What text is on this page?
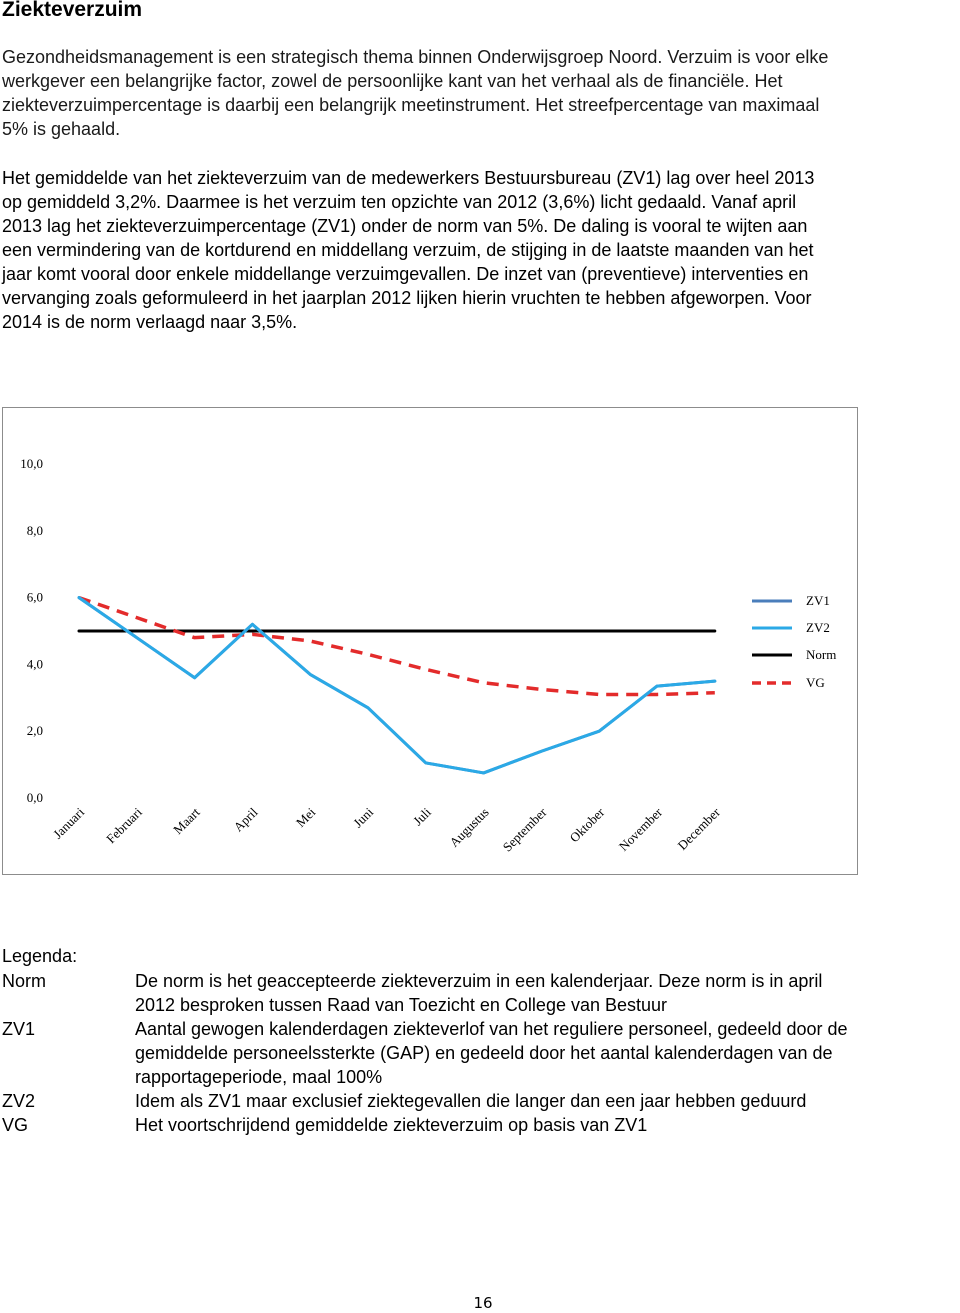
Ziekteverzuim

Gezondheidsmanagement is een strategisch thema binnen Onderwijsgroep Noord. Verzuim is voor elke
werkgever een belangrijke factor, zowel de persoonlijke kant van het verhaal als de financiële. Het
ziekteverzuimpercentage is daarbij een belangrijk meetinstrument. Het streefpercentage van maximaal
5% is gehaald.

Het gemiddelde van het ziekteverzuim van de medewerkers Bestuursbureau (ZV1) lag over heel 2013
op gemiddeld 3,2%. Daarmee is het verzuim ten opzichte van 2012 (3,6%) licht gedaald. Vanaf april
2013 lag het ziekteverzuimpercentage (ZV1) onder de norm van 5%. De daling is vooral te wijten aan
een vermindering van de kortdurend en middellang verzuim, de stijging in de laatste maanden van het
jaar komt vooral door enkele middellange verzuimgevallen. De inzet van (preventieve) interventies en
vervanging zoals geformuleerd in het jaarplan 2012 lijken hierin vruchten te hebben afgeworpen. Voor
2014 is de norm verlaagd naar 3,5%.

0,0
2,0
4,0
6,0
8,0
10,0
Januari Februari Maart April Mei Juni	Juli Augustus September Oktober November December
ZV1
ZV2
Norm
VG
Legenda:
Norm	De norm is het geaccepteerde ziekteverzuim in een kalenderjaar. Deze norm is in april
2012 besproken tussen Raad van Toezicht en College van Bestuur
ZV1	Aantal gewogen kalenderdagen ziekteverlof van het reguliere personeel, gedeeld door de
gemiddelde personeelssterkte (GAP) en gedeeld door het aantal kalenderdagen van de
rapportageperiode, maal 100%
ZV2	Idem als ZV1 maar exclusief ziektegevallen die langer dan een jaar hebben geduurd
VG	Het voortschrijdend gemiddelde ziekteverzuim op basis van ZV1
16
